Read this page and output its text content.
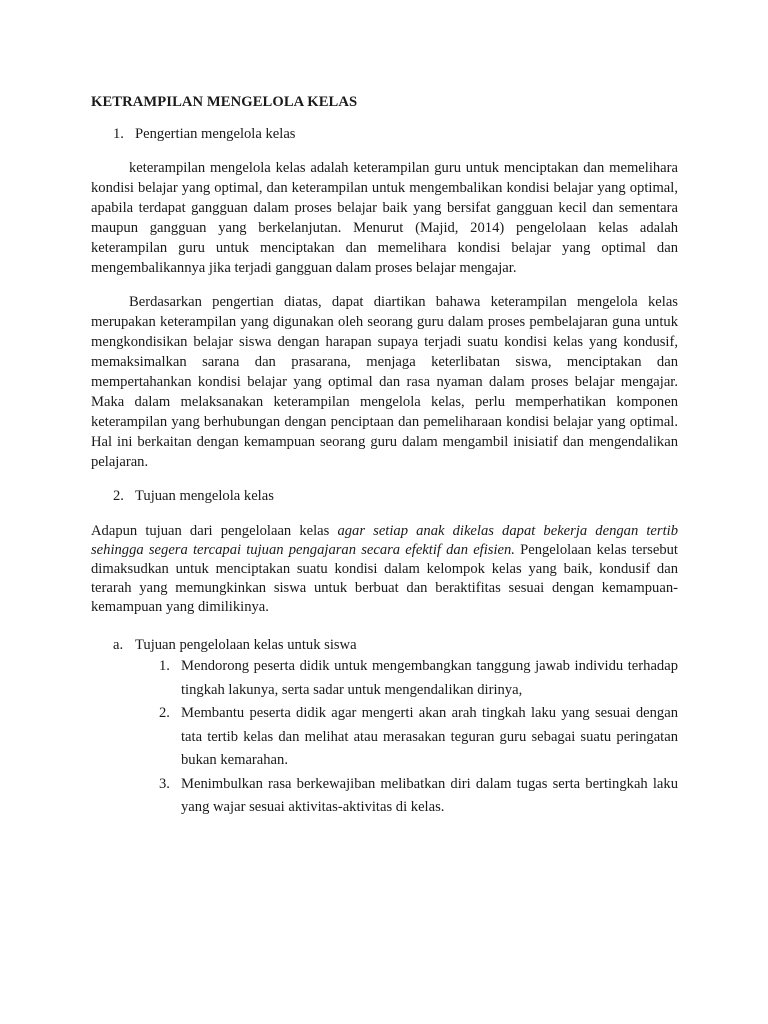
KETRAMPILAN MENGELOLA KELAS
1. Pengertian mengelola kelas

keterampilan mengelola kelas adalah keterampilan guru untuk menciptakan dan memelihara kondisi belajar yang optimal, dan keterampilan untuk mengembalikan kondisi belajar yang optimal, apabila terdapat gangguan dalam proses belajar baik yang bersifat gangguan kecil dan sementara maupun gangguan yang berkelanjutan. Menurut (Majid, 2014) pengelolaan kelas adalah keterampilan guru untuk menciptakan dan memelihara kondisi belajar yang optimal dan mengembalikannya jika terjadi gangguan dalam proses belajar mengajar.

Berdasarkan pengertian diatas, dapat diartikan bahawa keterampilan mengelola kelas merupakan keterampilan yang digunakan oleh seorang guru dalam proses pembelajaran guna untuk mengkondisikan belajar siswa dengan harapan supaya terjadi suatu kondisi kelas yang kondusif, memaksimalkan sarana dan prasarana, menjaga keterlibatan siswa, menciptakan dan mempertahankan kondisi belajar yang optimal dan rasa nyaman dalam proses belajar mengajar. Maka dalam melaksanakan keterampilan mengelola kelas, perlu memperhatikan komponen keterampilan yang berhubungan dengan penciptaan dan pemeliharaan kondisi belajar yang optimal. Hal ini berkaitan dengan kemampuan seorang guru dalam mengambil inisiatif dan mengendalikan pelajaran.

2. Tujuan mengelola kelas

Adapun tujuan dari pengelolaan kelas agar setiap anak dikelas dapat bekerja dengan tertib sehingga segera tercapai tujuan pengajaran secara efektif dan efisien. Pengelolaan kelas tersebut dimaksudkan untuk menciptakan suatu kondisi dalam kelompok kelas yang baik, kondusif dan terarah yang memungkinkan siswa untuk berbuat dan beraktifitas sesuai dengan kemampuan-kemampuan yang dimilikinya.

a. Tujuan pengelolaan kelas untuk siswa
1. Mendorong peserta didik untuk mengembangkan tanggung jawab individu terhadap tingkah lakunya, serta sadar untuk mengendalikan dirinya,
2. Membantu peserta didik agar mengerti akan arah tingkah laku yang sesuai dengan tata tertib kelas dan melihat atau merasakan teguran guru sebagai suatu peringatan bukan kemarahan.
3. Menimbulkan rasa berkewajiban melibatkan diri dalam tugas serta bertingkah laku yang wajar sesuai aktivitas-aktivitas di kelas.
